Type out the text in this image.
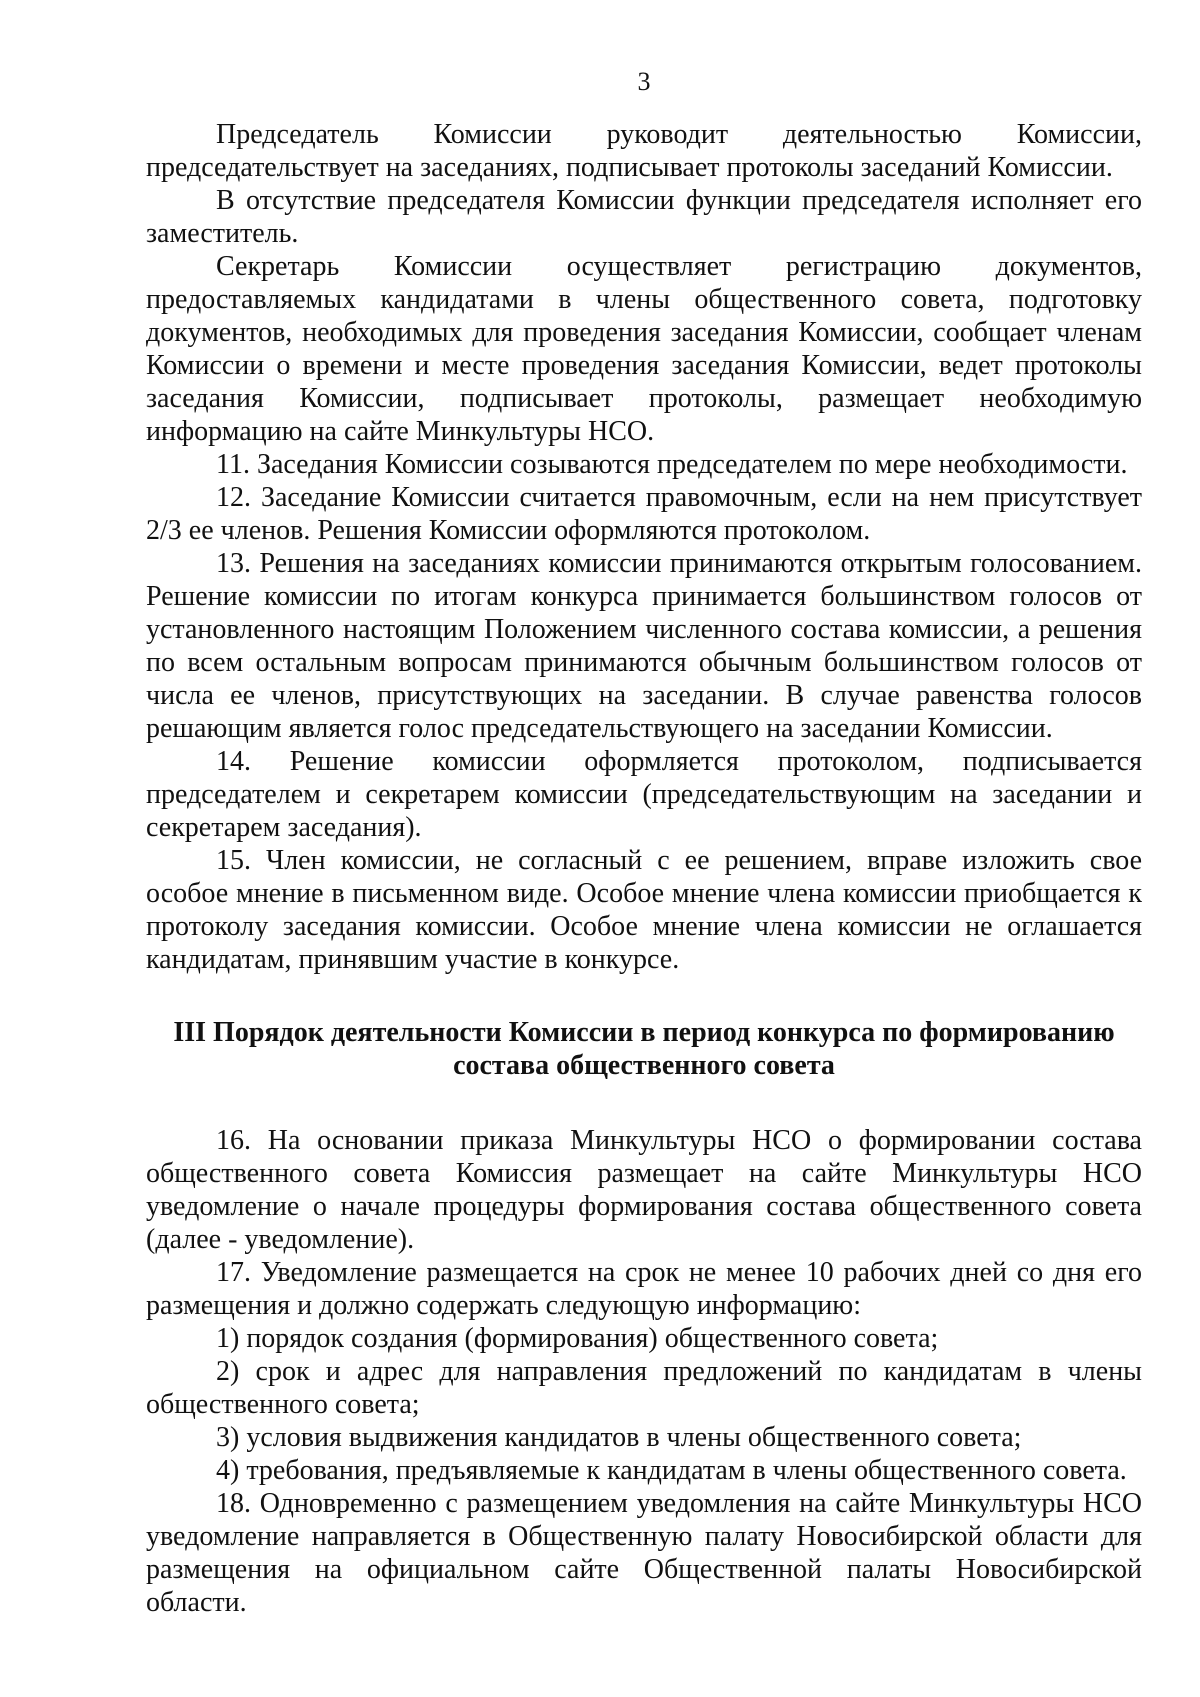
3

Председатель Комиссии руководит деятельностью Комиссии, председательствует на заседаниях, подписывает протоколы заседаний Комиссии.

В отсутствие председателя Комиссии функции председателя исполняет его заместитель.

Секретарь Комиссии осуществляет регистрацию документов, предоставляемых кандидатами в члены общественного совета, подготовку документов, необходимых для проведения заседания Комиссии, сообщает членам Комиссии о времени и месте проведения заседания Комиссии, ведет протоколы заседания Комиссии, подписывает протоколы, размещает необходимую информацию на сайте Минкультуры НСО.

11. Заседания Комиссии созываются председателем по мере необходимости.

12. Заседание Комиссии считается правомочным, если на нем присутствует 2/3 ее членов. Решения Комиссии оформляются протоколом.

13. Решения на заседаниях комиссии принимаются открытым голосованием. Решение комиссии по итогам конкурса принимается большинством голосов от установленного настоящим Положением численного состава комиссии, а решения по всем остальным вопросам принимаются обычным большинством голосов от числа ее членов, присутствующих на заседании. В случае равенства голосов решающим является голос председательствующего на заседании Комиссии.

14. Решение комиссии оформляется протоколом, подписывается председателем и секретарем комиссии (председательствующим на заседании и секретарем заседания).

15. Член комиссии, не согласный с ее решением, вправе изложить свое особое мнение в письменном виде. Особое мнение члена комиссии приобщается к протоколу заседания комиссии. Особое мнение члена комиссии не оглашается кандидатам, принявшим участие в конкурсе.

III Порядок деятельности Комиссии в период конкурса по формированию
состава общественного совета

16. На основании приказа Минкультуры НСО о формировании состава общественного совета Комиссия размещает на сайте Минкультуры НСО уведомление о начале процедуры формирования состава общественного совета (далее - уведомление).

17. Уведомление размещается на срок не менее 10 рабочих дней со дня его размещения и должно содержать следующую информацию:

1) порядок создания (формирования) общественного совета;

2) срок и адрес для направления предложений по кандидатам в члены общественного совета;

3) условия выдвижения кандидатов в члены общественного совета;

4) требования, предъявляемые к кандидатам в члены общественного совета.

18. Одновременно с размещением уведомления на сайте Минкультуры НСО уведомление направляется в Общественную палату Новосибирской области для размещения на официальном сайте Общественной палаты Новосибирской области.
